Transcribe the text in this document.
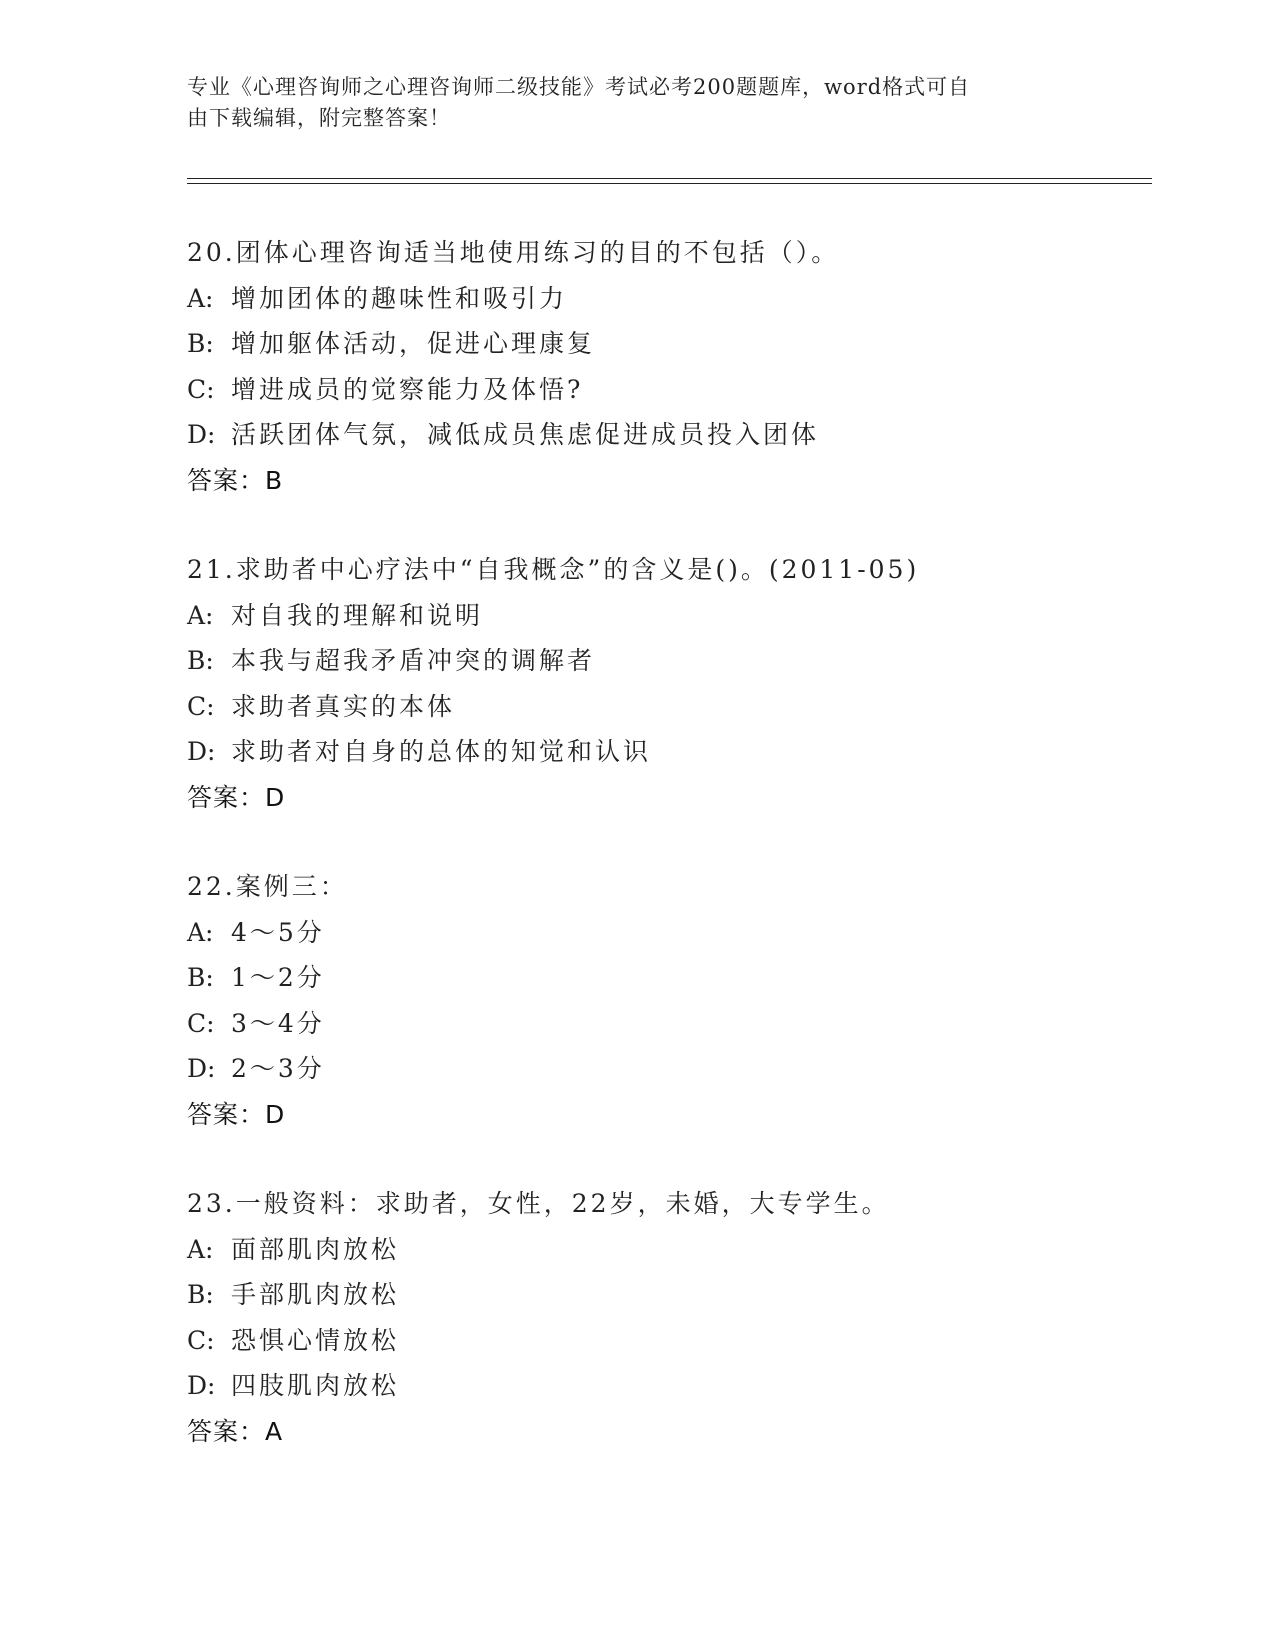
专业《心理咨询师之心理咨询师二级技能》考试必考200题题库，word格式可自
由下载编辑，附完整答案！
20.团体心理咨询适当地使用练习的目的不包括（）。
A: 增加团体的趣味性和吸引力
B: 增加躯体活动，促进心理康复
C: 增进成员的觉察能力及体悟?
D: 活跃团体气氛，减低成员焦虑促进成员投入团体
答案：B
21.求助者中心疗法中“自我概念”的含义是()。(2011-05)
A: 对自我的理解和说明
B: 本我与超我矛盾冲突的调解者
C: 求助者真实的本体
D: 求助者对自身的总体的知觉和认识
答案：D
22.案例三：
A: 4～5分
B: 1～2分
C: 3～4分
D: 2～3分
答案：D
23.一般资料：求助者，女性，22岁，未婚，大专学生。
A: 面部肌肉放松
B: 手部肌肉放松
C: 恐惧心情放松
D: 四肢肌肉放松
答案：A
